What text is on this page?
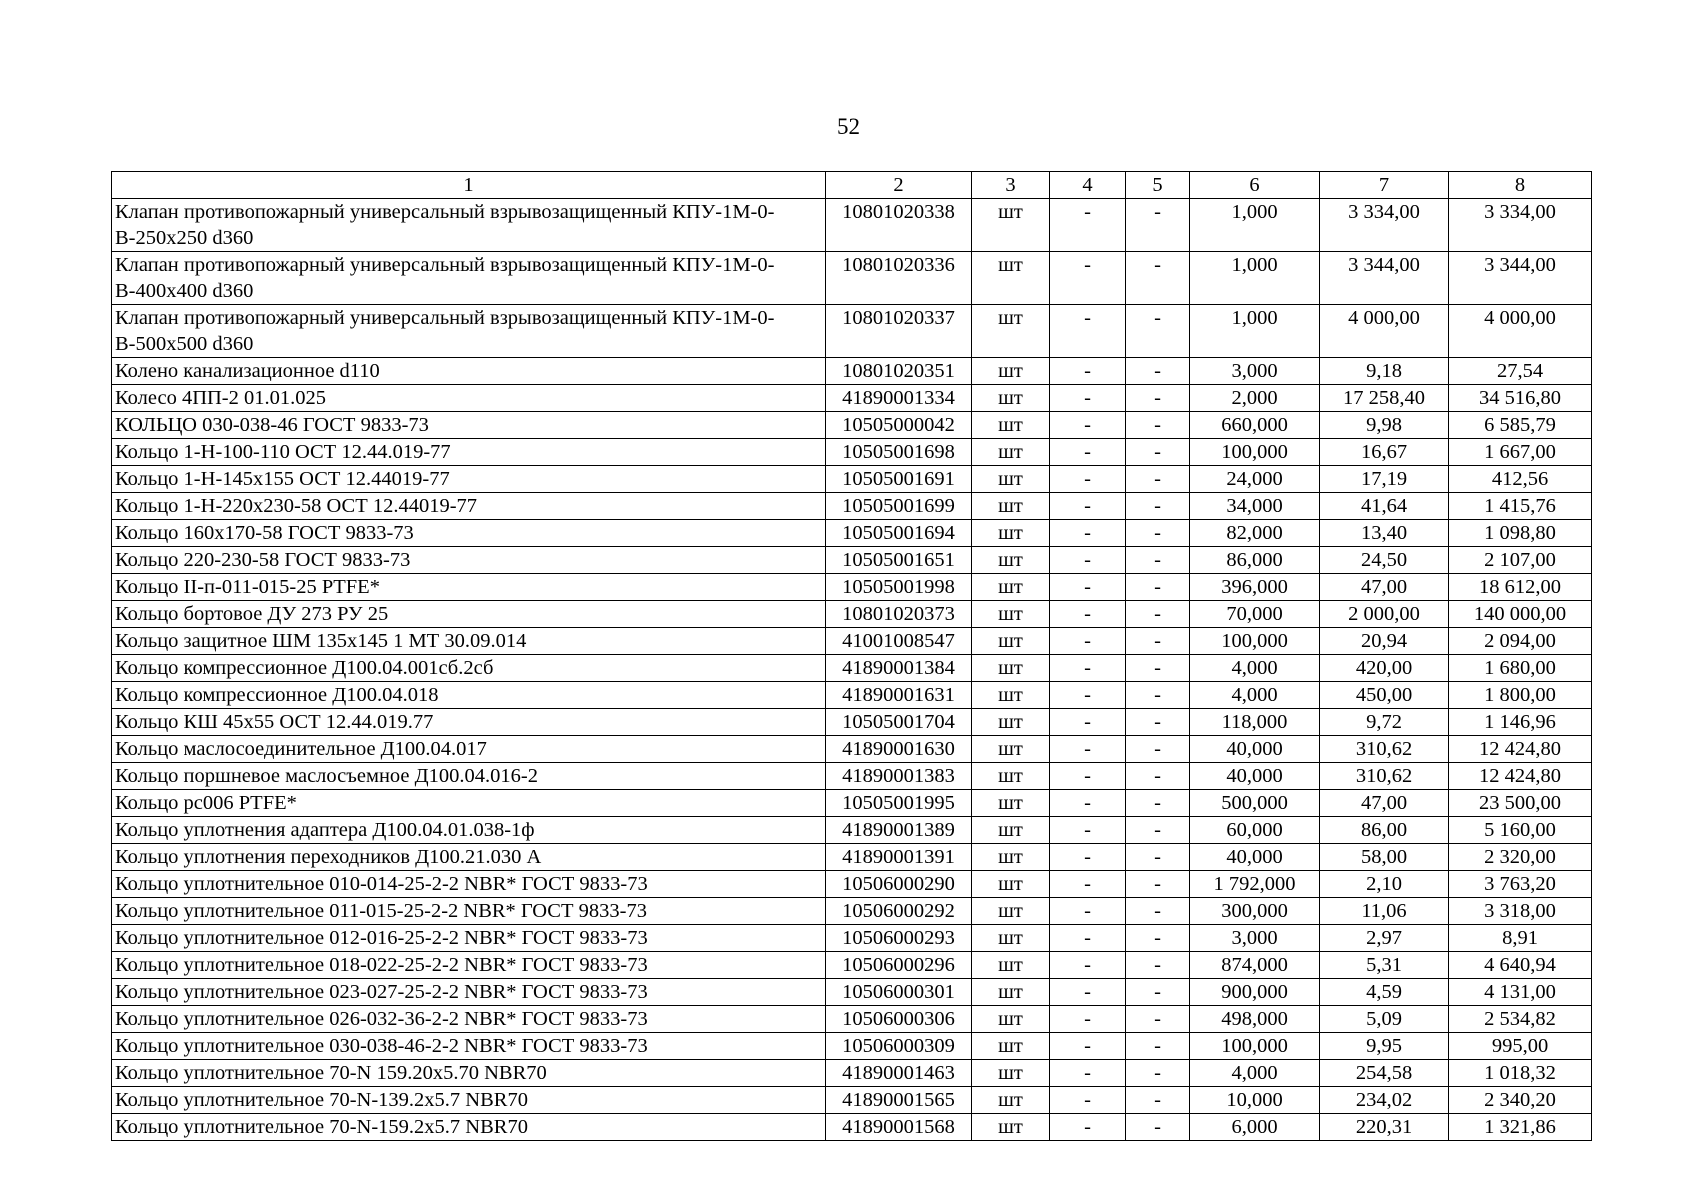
52
1	2	3	4	5	6	7	8
Клапан противопожарный универсальный взрывозащищенный КПУ-1М-0-В-250х250 d360	10801020338	шт	-	-	1,000	3 334,00	3 334,00
Клапан противопожарный универсальный взрывозащищенный КПУ-1М-0-В-400х400 d360	10801020336	шт	-	-	1,000	3 344,00	3 344,00
Клапан противопожарный универсальный взрывозащищенный КПУ-1М-0-В-500х500 d360	10801020337	шт	-	-	1,000	4 000,00	4 000,00
Колено канализационное d110	10801020351	шт	-	-	3,000	9,18	27,54
Колесо 4ПП-2 01.01.025	41890001334	шт	-	-	2,000	17 258,40	34 516,80
КОЛЬЦО 030-038-46 ГОСТ 9833-73	10505000042	шт	-	-	660,000	9,98	6 585,79
Кольцо 1-Н-100-110 ОСТ 12.44.019-77	10505001698	шт	-	-	100,000	16,67	1 667,00
Кольцо 1-Н-145х155 ОСТ 12.44019-77	10505001691	шт	-	-	24,000	17,19	412,56
Кольцо 1-Н-220х230-58 ОСТ 12.44019-77	10505001699	шт	-	-	34,000	41,64	1 415,76
Кольцо 160х170-58 ГОСТ 9833-73	10505001694	шт	-	-	82,000	13,40	1 098,80
Кольцо 220-230-58 ГОСТ 9833-73	10505001651	шт	-	-	86,000	24,50	2 107,00
Кольцо II-п-011-015-25 PTFE*	10505001998	шт	-	-	396,000	47,00	18 612,00
Кольцо бортовое ДУ 273 РУ 25	10801020373	шт	-	-	70,000	2 000,00	140 000,00
Кольцо защитное ШМ 135х145 1 МТ 30.09.014	41001008547	шт	-	-	100,000	20,94	2 094,00
Кольцо компрессионное Д100.04.001сб.2сб	41890001384	шт	-	-	4,000	420,00	1 680,00
Кольцо компрессионное Д100.04.018	41890001631	шт	-	-	4,000	450,00	1 800,00
Кольцо КШ 45х55 ОСТ 12.44.019.77	10505001704	шт	-	-	118,000	9,72	1 146,96
Кольцо маслосоединительное Д100.04.017	41890001630	шт	-	-	40,000	310,62	12 424,80
Кольцо поршневое маслосъемное Д100.04.016-2	41890001383	шт	-	-	40,000	310,62	12 424,80
Кольцо рс006 PTFE*	10505001995	шт	-	-	500,000	47,00	23 500,00
Кольцо уплотнения адаптера Д100.04.01.038-1ф	41890001389	шт	-	-	60,000	86,00	5 160,00
Кольцо уплотнения переходников Д100.21.030 А	41890001391	шт	-	-	40,000	58,00	2 320,00
Кольцо уплотнительное 010-014-25-2-2 NBR* ГОСТ 9833-73	10506000290	шт	-	-	1 792,000	2,10	3 763,20
Кольцо уплотнительное 011-015-25-2-2 NBR* ГОСТ 9833-73	10506000292	шт	-	-	300,000	11,06	3 318,00
Кольцо уплотнительное 012-016-25-2-2 NBR* ГОСТ 9833-73	10506000293	шт	-	-	3,000	2,97	8,91
Кольцо уплотнительное 018-022-25-2-2 NBR* ГОСТ 9833-73	10506000296	шт	-	-	874,000	5,31	4 640,94
Кольцо уплотнительное 023-027-25-2-2 NBR* ГОСТ 9833-73	10506000301	шт	-	-	900,000	4,59	4 131,00
Кольцо уплотнительное 026-032-36-2-2 NBR* ГОСТ 9833-73	10506000306	шт	-	-	498,000	5,09	2 534,82
Кольцо уплотнительное 030-038-46-2-2 NBR* ГОСТ 9833-73	10506000309	шт	-	-	100,000	9,95	995,00
Кольцо уплотнительное 70-N 159.20x5.70 NBR70	41890001463	шт	-	-	4,000	254,58	1 018,32
Кольцо уплотнительное 70-N-139.2x5.7 NBR70	41890001565	шт	-	-	10,000	234,02	2 340,20
Кольцо уплотнительное 70-N-159.2x5.7 NBR70	41890001568	шт	-	-	6,000	220,31	1 321,86
